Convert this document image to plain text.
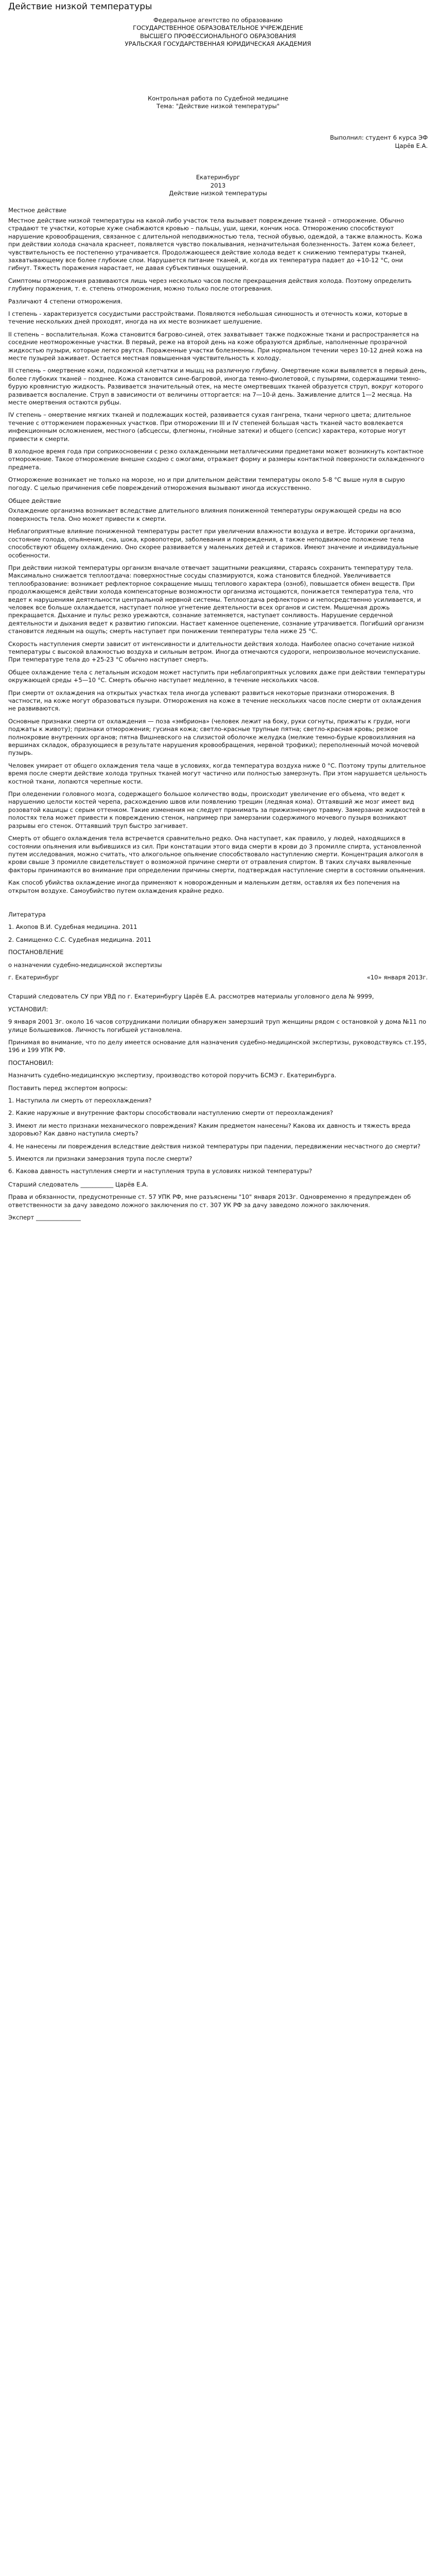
Действие низкой температуры
Федеральное агентство по образованию
ГОСУДАРСТВЕННОЕ ОБРАЗОВАТЕЛЬНОЕ УЧРЕЖДЕНИЕ
ВЫСШЕГО ПРОФЕССИОНАЛЬНОГО ОБРАЗОВАНИЯ
УРАЛЬСКАЯ ГОСУДАРСТВЕННАЯ ЮРИДИЧЕСКАЯ АКАДЕМИЯ
Контрольная работа по Судебной медицине
Тема: "Действие низкой температуры"
Выполнил: студент 6 курса ЭФ
Царёв Е.А.
Екатеринбург
2013
Действие низкой температуры
Местное действие
Местное действие низкой температуры на какой-либо участок тела вызывает повреждение тканей – отморожение. Обычно страдают те участки, которые хуже снабжаются кровью – пальцы, уши, щеки, кончик носа. Отморожению способствуют нарушение кровообращения, связанное с длительной неподвижностью тела, тесной обувью, одеждой, а также влажность. Кожа при действии холода сначала краснеет, появляется чувство покалывания, незначительная болезненность. Затем кожа белеет, чувствительность ее постепенно утрачивается. Продолжающееся действие холода ведет к снижению температуры тканей, захватывающему все более глубокие слои. Нарушается питание тканей, и, когда их температура падает до +10-12 °С, они гибнут. Тяжесть поражения нарастает, не давая субъективных ощущений.
Симптомы отморожения развиваются лишь через несколько часов после прекращения действия холода. Поэтому определить глубину поражения, т. е. степень отморожения, можно только после отогревания.
Различают 4 степени отморожения.
I степень - характеризуется сосудистыми расстройствами. Появляются небольшая синюшность и отечность кожи, которые в течение нескольких дней проходят, иногда на их месте возникает шелушение.
II степень – воспалительная. Кожа становится багрово-синей, отек захватывает также подкожные ткани и распространяется на соседние неотмороженные участки. В первый, реже на второй день на коже образуются дряблые, наполненные прозрачной жидкостью пузыри, которые легко рвутся. Пораженные участки болезненны. При нормальном течении через 10-12 дней кожа на месте пузырей заживает. Остается местная повышенная чувствительность к холоду.
III степень – омертвение кожи, подкожной клетчатки и мышц на различную глубину. Омертвение кожи выявляется в первый день, более глубоких тканей – позднее. Кожа становится сине-багровой, иногда темно-фиолетовой, с пузырями, содержащими темно-бурую кровянистую жидкость. Развивается значительный отек, на месте омертвевших тканей образуется струп, вокруг которого развивается воспаление. Струп в зависимости от величины отторгается: на 7—10-й день. Заживление длится 1—2 месяца. На месте омертвения остаются рубцы.
IV степень – омертвение мягких тканей и подлежащих костей, развивается сухая гангрена, ткани черного цвета; длительное течение с отторжением пораженных участков. При отморожении III и IV степеней большая часть тканей часто вовлекается инфекционным осложнением, местного (абсцессы, флегмоны, гнойные затеки) и общего (сепсис) характера, которые могут привести к смерти.
В холодное время года при соприкосновении с резко охлажденными металлическими предметами может возникнуть контактное отморожение. Такое отморожение внешне сходно с ожогами, отражает форму и размеры контактной поверхности охлажденного предмета.
Отморожение возникает не только на морозе, но и при длительном действии температуры около 5-8 °С выше нуля в сырую погоду. С целью причинения себе повреждений отморожения вызывают иногда искусственно.
Общее действие
Охлаждение организма возникает вследствие длительного влияния пониженной температуры окружающей среды на всю поверхность тела. Оно может привести к смерти.
Неблагоприятные влияние пониженной температуры растет при увеличении влажности воздуха и ветре. Историки организма, состояние голода, опьянения, сна, шока, кровопотери, заболевания и повреждения, а также неподвижное положение тела способствуют общему охлаждению. Оно скорее развивается у маленьких детей и стариков. Имеют значение и индивидуальные особенности.
При действии низкой температуры организм вначале отвечает защитными реакциями, стараясь сохранить температуру тела. Максимально снижается теплоотдача: поверхностные сосуды спазмируются, кожа становится бледной. Увеличивается теплообразование: возникает рефлекторное сокращение мышц теплового характера (озноб), повышается обмен веществ. При продолжающемся действии холода компенсаторные возможности организма истощаются, понижается температура тела, что ведет к нарушениям деятельности центральной нервной системы. Теплоотдача рефлекторно и непосредственно усиливается, и человек все больше охлаждается, наступает полное угнетение деятельности всех органов и систем. Мышечная дрожь прекращается. Дыхание и пульс резко урежаются, сознание затемняется, наступает сонливость. Нарушение сердечной деятельности и дыхания ведет к развитию гипоксии. Настает каменное оцепенение, сознание утрачивается. Погибший организм становится ледяным на ощупь; смерть наступает при понижении температуры тела ниже 25 °С.
Скорость наступления смерти зависит от интенсивности и длительности действия холода. Наиболее опасно сочетание низкой температуры с высокой влажностью воздуха и сильным ветром. Иногда отмечаются судороги, непроизвольное мочеиспускание. При температуре тела до +25-23 °С обычно наступает смерть.
Общее охлаждение тела с летальным исходом может наступить при неблагоприятных условиях даже при действии температуры окружающей среды +5—10 °С. Смерть обычно наступает медленно, в течение нескольких часов.
При смерти от охлаждения на открытых участках тела иногда успевают развиться некоторые признаки отморожения. В частности, на коже могут образоваться пузыри. Отморожения на коже в течение нескольких часов после смерти от охлаждения не развиваются.
Основные признаки смерти от охлаждения — поза «эмбриона» (человек лежит на боку, руки согнуты, прижаты к груди, ноги поджаты к животу); признаки отморожения; гусиная кожа; светло-красные трупные пятна; светло-красная кровь; резкое полнокровие внутренних органов; пятна Вишневского на слизистой оболочке желудка (мелкие темно-бурые кровоизлияния на вершинах складок, образующиеся в результате нарушения кровообращения, нервной трофики); переполненный мочой мочевой пузырь.
Человек умирает от общего охлаждения тела чаще в условиях, когда температура воздуха ниже 0 °С. Поэтому трупы длительное время после смерти действие холода трупных тканей могут частично или полностью замерзнуть. При этом нарушается цельность костной ткани, лопаются черепные кости.
При оледенении головного мозга, содержащего большое количество воды, происходит увеличение его объема, что ведет к нарушению целости костей черепа, расхождению швов или появлению трещин (ледяная кома). Оттаявший же мозг имеет вид розоватой кашицы с серым оттенком. Такие изменения не следует принимать за прижизненную травму. Замерзание жидкостей в полостях тела может привести к повреждению стенок, например при замерзании содержимого мочевого пузыря возникают разрывы его стенок. Оттаявший труп быстро загнивает.
Смерть от общего охлаждения тела встречается сравнительно редко. Она наступает, как правило, у людей, находящихся в состоянии опьянения или выбившихся из сил. При констатации этого вида смерти в крови до 3 промилле спирта, установленной путем исследования, можно считать, что алкогольное опьянение способствовало наступлению смерти. Концентрация алкоголя в крови свыше 3 промилле свидетельствует о возможной причине смерти от отравления спиртом. В таких случаях выявленные факторы принимаются во внимание при определении причины смерти, подтверждая наступление смерти в состоянии опьянения.
Как способ убийства охлаждение иногда применяют к новорожденным и маленьким детям, оставляя их без попечения на открытом воздухе. Самоубийство путем охлаждения крайне редко.
Литература
1. Акопов В.И. Судебная медицина. 2011
2. Самищенко С.С. Судебная медицина. 2011
ПОСТАНОВЛЕНИЕ
о назначении судебно-медицинской экспертизы
г. Екатеринбург	«10» января 2013г.
Старший следователь СУ при УВД по г. Екатеринбургу Царёв Е.А. рассмотрев материалы уголовного дела № 9999,
УСТАНОВИЛ:
9 января 2001 3г. около 16 часов сотрудниками полиции обнаружен замерзший труп женщины рядом с остановкой у дома №11 по улице Большевиков. Личность погибшей установлена.
Принимая во внимание, что по делу имеется основание для назначения судебно-медицинской экспертизы, руководствуясь ст.195, 196 и 199 УПК РФ.
ПОСТАНОВИЛ:
Назначить судебно-медицинскую экспертизу, производство которой поручить БСМЭ г. Екатеринбурга.
Поставить перед экспертом вопросы:
1. Наступила ли смерть от переохлаждения?
2. Какие наружные и внутренние факторы способствовали наступлению смерти от переохлаждения?
3. Имеют ли место признаки механического повреждения? Каким предметом нанесены? Какова их давность и тяжесть вреда здоровью? Как давно наступила смерть?
4. Не нанесены ли повреждения вследствие действия низкой температуры при падении, передвижении несчастного до смерти?
5. Имеются ли признаки замерзания трупа после смерти?
6. Какова давность наступления смерти и наступления трупа в условиях низкой температуры?
Старший следователь ___________ Царёв Е.А.
Права и обязанности, предусмотренные ст. 57 УПК РФ, мне разъяснены "10" января 2013г. Одновременно я предупрежден об ответственности за дачу заведомо ложного заключения по ст. 307 УК РФ за дачу заведомо ложного заключения.
Эксперт _______________
